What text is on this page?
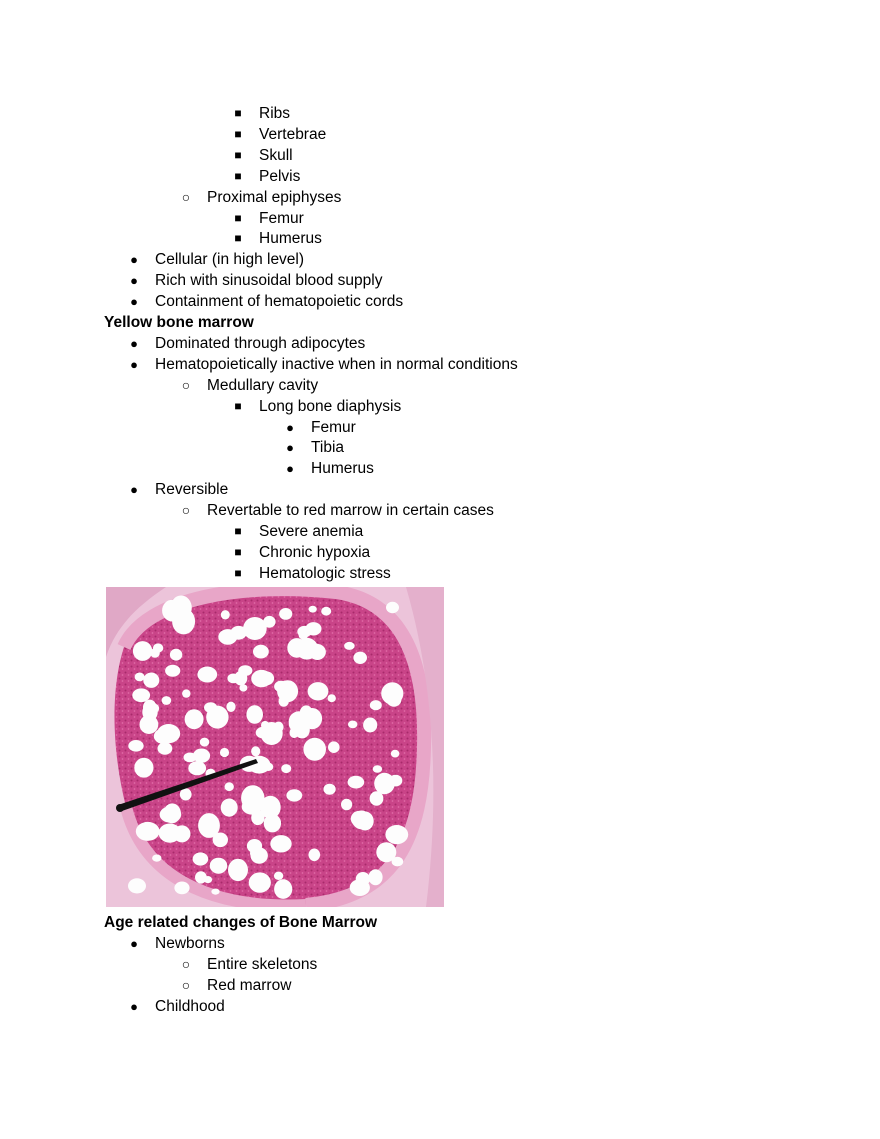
■ Ribs
■ Vertebrae
■ Skull
■ Pelvis
○ Proximal epiphyses
■ Femur
■ Humerus
● Cellular (in high level)
● Rich with sinusoidal blood supply
● Containment of hematopoietic cords
Yellow bone marrow
● Dominated through adipocytes
● Hematopoietically inactive when in normal conditions
○ Medullary cavity
■ Long bone diaphysis
● Femur
● Tibia
● Humerus
● Reversible
○ Revertable to red marrow in certain cases
■ Severe anemia
■ Chronic hypoxia
■ Hematologic stress
Age related changes of Bone Marrow
● Newborns
○ Entire skeletons
○ Red marrow
● Childhood
